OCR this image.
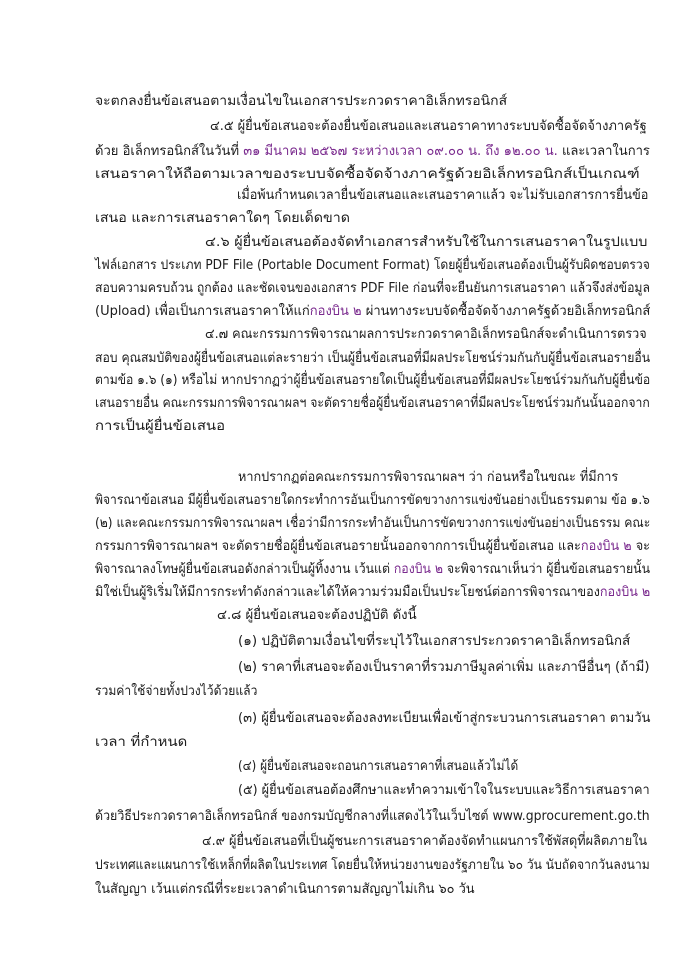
จะตกลงยื่นข้อเสนอตามเงื่อนไขในเอกสารประกวดราคาอิเล็กทรอนิกส์
๔.๕ ผู้ยื่นข้อเสนอจะต้องยื่นข้อเสนอและเสนอราคาทางระบบจัดซื้อจัดจ้างภาครัฐ
ด้วย อิเล็กทรอนิกส์ในวันที่ ๓๑ มีนาคม ๒๕๖๗ ระหว่างเวลา ๐๙.๐๐ น. ถึง ๑๒.๐๐ น. และเวลาในการ
เสนอราคาให้ถือตามเวลาของระบบจัดซื้อจัดจ้างภาครัฐด้วยอิเล็กทรอนิกส์เป็นเกณฑ์
เมื่อพ้นกำหนดเวลายื่นข้อเสนอและเสนอราคาแล้ว จะไม่รับเอกสารการยื่นข้อ
เสนอ และการเสนอราคาใดๆ โดยเด็ดขาด
๔.๖ ผู้ยื่นข้อเสนอต้องจัดทำเอกสารสำหรับใช้ในการเสนอราคาในรูปแบบ
ไฟล์เอกสาร ประเภท PDF File (Portable Document Format) โดยผู้ยื่นข้อเสนอต้องเป็นผู้รับผิดชอบตรวจ
สอบความครบถ้วน ถูกต้อง และชัดเจนของเอกสาร PDF File ก่อนที่จะยืนยันการเสนอราคา แล้วจึงส่งข้อมูล
(Upload) เพื่อเป็นการเสนอราคาให้แก่กองบิน ๒ ผ่านทางระบบจัดซื้อจัดจ้างภาครัฐด้วยอิเล็กทรอนิกส์
๔.๗ คณะกรรมการพิจารณาผลการประกวดราคาอิเล็กทรอนิกส์จะดำเนินการตรวจ
สอบ คุณสมบัติของผู้ยื่นข้อเสนอแต่ละรายว่า เป็นผู้ยื่นข้อเสนอที่มีผลประโยชน์ร่วมกันกับผู้ยื่นข้อเสนอรายอื่น
ตามข้อ ๑.๖ (๑) หรือไม่ หากปรากฏว่าผู้ยื่นข้อเสนอรายใดเป็นผู้ยื่นข้อเสนอที่มีผลประโยชน์ร่วมกันกับผู้ยื่นข้อ
เสนอรายอื่น คณะกรรมการพิจารณาผลฯ จะตัดรายชื่อผู้ยื่นข้อเสนอราคาที่มีผลประโยชน์ร่วมกันนั้นออกจาก
การเป็นผู้ยื่นข้อเสนอ
หากปรากฏต่อคณะกรรมการพิจารณาผลฯ ว่า ก่อนหรือในขณะ ที่มีการ
พิจารณาข้อเสนอ มีผู้ยื่นข้อเสนอรายใดกระทำการอันเป็นการขัดขวางการแข่งขันอย่างเป็นธรรมตาม ข้อ ๑.๖
(๒) และคณะกรรมการพิจารณาผลฯ เชื่อว่ามีการกระทำอันเป็นการขัดขวางการแข่งขันอย่างเป็นธรรม คณะ
กรรมการพิจารณาผลฯ จะตัดรายชื่อผู้ยื่นข้อเสนอรายนั้นออกจากการเป็นผู้ยื่นข้อเสนอ และกองบิน ๒ จะ
พิจารณาลงโทษผู้ยื่นข้อเสนอดังกล่าวเป็นผู้ทิ้งงาน เว้นแต่ กองบิน ๒ จะพิจารณาเห็นว่า ผู้ยื่นข้อเสนอรายนั้น
มิใช่เป็นผู้ริเริ่มให้มีการกระทำดังกล่าวและได้ให้ความร่วมมือเป็นประโยชน์ต่อการพิจารณาของกองบิน ๒
๔.๘ ผู้ยื่นข้อเสนอจะต้องปฏิบัติ ดังนี้
(๑) ปฏิบัติตามเงื่อนไขที่ระบุไว้ในเอกสารประกวดราคาอิเล็กทรอนิกส์
(๒) ราคาที่เสนอจะต้องเป็นราคาที่รวมภาษีมูลค่าเพิ่ม และภาษีอื่นๆ (ถ้ามี)
รวมค่าใช้จ่ายทั้งปวงไว้ด้วยแล้ว
(๓) ผู้ยื่นข้อเสนอจะต้องลงทะเบียนเพื่อเข้าสู่กระบวนการเสนอราคา ตามวัน
เวลา ที่กำหนด
(๔) ผู้ยื่นข้อเสนอจะถอนการเสนอราคาที่เสนอแล้วไม่ได้
(๕) ผู้ยื่นข้อเสนอต้องศึกษาและทำความเข้าใจในระบบและวิธีการเสนอราคา
ด้วยวิธีประกวดราคาอิเล็กทรอนิกส์ ของกรมบัญชีกลางที่แสดงไว้ในเว็บไซต์ www.gprocurement.go.th
๔.๙ ผู้ยื่นข้อเสนอที่เป็นผู้ชนะการเสนอราคาต้องจัดทำแผนการใช้พัสดุที่ผลิตภายใน
ประเทศและแผนการใช้เหล็กที่ผลิตในประเทศ โดยยื่นให้หน่วยงานของรัฐภายใน ๖๐ วัน นับถัดจากวันลงนาม
ในสัญญา เว้นแต่กรณีที่ระยะเวลาดำเนินการตามสัญญาไม่เกิน ๖๐ วัน
